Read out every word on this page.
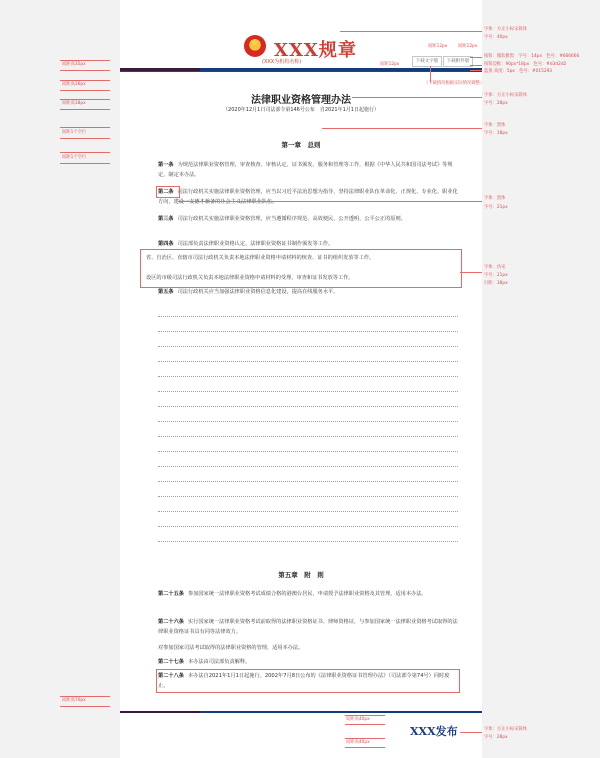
★
XXX规章
(XXX为机构名称)	下载文字版	下载附件版
法律职业资格管理办法
（2020年12月1日司法部令第146号公布　自2021年1月1日起施行）
第一章　总则
第一条 为规范法律职业资格管理，审查核查、审核认定、证书颁发、服务和管理等工作，根据《中华人民共和国司法考试》等规定，制定本办法。
第二条 司法行政机关实施法律职业资格管理，应当以习近平法治思想为指导，坚持法律职业队伍革命化、正规化、专业化、职业化方向，建设一支德才兼备的社会主义法律职业队伍。
第三条 司法行政机关实施法律职业资格管理，应当遵循程序规范、高效便民、公开透明、公平公正的原则。
第四条 司法部负责法律职业资格认定、法律职业资格证书制作颁发等工作。
省、自治区、直辖市司法行政机关负责本地法律职业资格申请材料的核查、证书的组织发放等工作。
设区的市级司法行政机关负责本地法律职业资格申请材料的受理、审查和证书发放等工作。
第五条 司法行政机关应当加强法律职业资格信息化建设，提高在线服务水平。
第五章　附　则
第二十五条 参加国家统一法律职业资格考试成绩合格的港澳台居民，申请授予法律职业资格及其管理，适用本办法。
第二十六条 实行国家统一法律职业资格考试前取得的法律职业资格证书、律师资格证，与参加国家统一法律职业资格考试取得的法律职业资格证书具有同等法律效力。
对参加国家司法考试取得的法律职业资格的管理，适用本办法。
第二十七条 本办法由司法部负责解释。
第二十八条 本办法自2021年1月1日起施行。2002年7月8日公布的《法律职业资格证书管理办法》（司法部令第74号）同时废止。
XXX发布
间距高35px
间距高16px
间距高18px
间距1个空行
间距1个空行
间距高70px
间距12px 间距12px
间距12px
（下载情况根据实际情况调整）
字体：方正小标宋简体
字号：40px
按钮：微软雅黑　字号：14px　色号：#666666
按钮边框：90px*18px　色号：#d3d2d2
蓝条 高度：5px　色号：#015293
字体：方正小标宋简体
字号：28px
字体：黑体
字号：18px
字体：黑体
字号：21px
字体：仿宋
字号：21px
行距：38px
字体：方正小标宋简体
字号：28px
间距高40px
间距高40px
